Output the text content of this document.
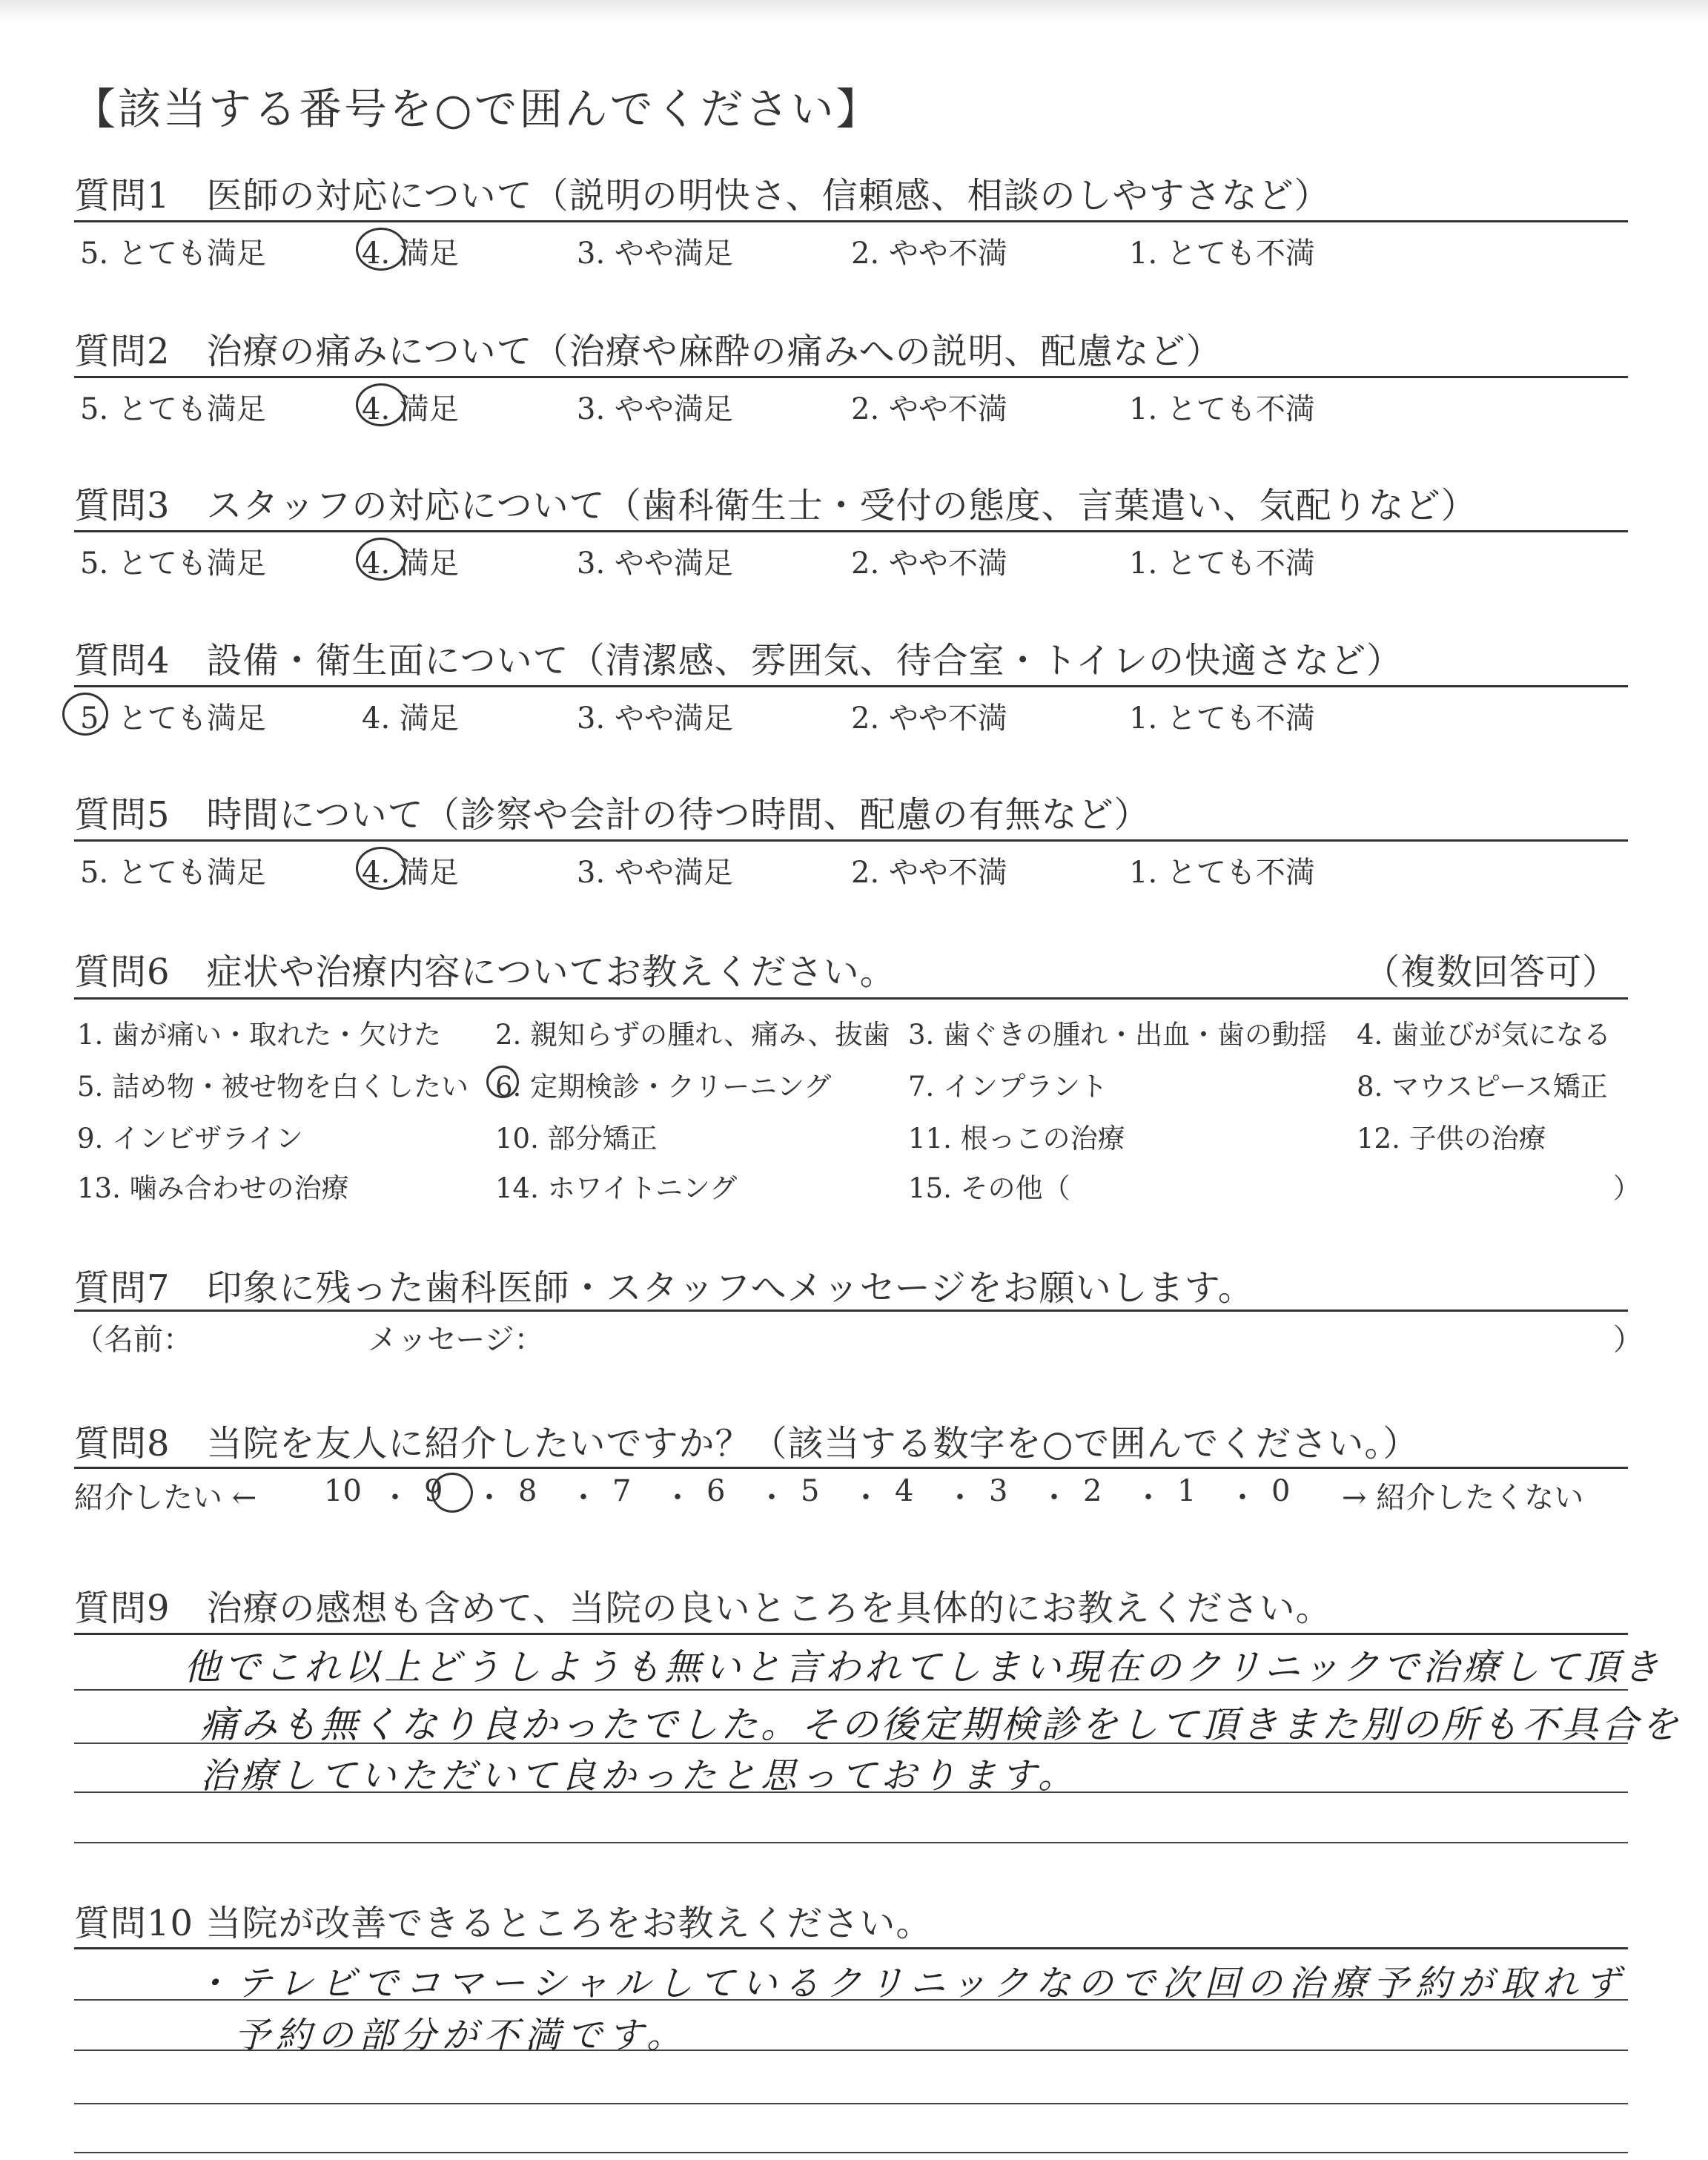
【該当する番号を○で囲んでください】
質問1　医師の対応について（説明の明快さ、信頼感、相談のしやすさなど）
5. とても満足	4. 満足	3. やや満足	2. やや不満	1. とても不満
質問2　治療の痛みについて（治療や麻酔の痛みへの説明、配慮など）
5. とても満足	4. 満足	3. やや満足	2. やや不満	1. とても不満
質問3　スタッフの対応について（歯科衛生士・受付の態度、言葉遣い、気配りなど）
5. とても満足	4. 満足	3. やや満足	2. やや不満	1. とても不満
質問4　設備・衛生面について（清潔感、雰囲気、待合室・トイレの快適さなど）
5. とても満足	4. 満足	3. やや満足	2. やや不満	1. とても不満
質問5　時間について（診察や会計の待つ時間、配慮の有無など）
5. とても満足	4. 満足	3. やや満足	2. やや不満	1. とても不満
質問6　症状や治療内容についてお教えください。	（複数回答可）
1. 歯が痛い・取れた・欠けた 2. 親知らずの腫れ、痛み、抜歯 3. 歯ぐきの腫れ・出血・歯の動揺 4. 歯並びが気になる
5. 詰め物・被せ物を白くしたい 6. 定期検診・クリーニング	7. インプラント	8. マウスピース矯正
9. インビザライン	10. 部分矯正	11. 根っこの治療	12. 子供の治療
13. 噛み合わせの治療	14. ホワイトニング	15. その他（	）
質問7　印象に残った歯科医師・スタッフへメッセージをお願いします。
（名前：	メッセージ：	）
質問8　当院を友人に紹介したいですか？（該当する数字を○で囲んでください。）
紹介したい ← 10 ・ 9 ・ 8 ・ 7 ・ 6 ・ 5 ・ 4 ・ 3 ・ 2 ・ 1 ・ 0 → 紹介したくない
質問9　治療の感想も含めて、当院の良いところを具体的にお教えください。
他でこれ以上どうしようも無いと言われてしまい現在のクリニックで治療して頂き
痛みも無くなり良かったでした。その後定期検診をして頂きまた別の所も不具合を
治療していただいて良かったと思っております。
質問10 当院が改善できるところをお教えください。
・テレビでコマーシャルしているクリニックなので次回の治療予約が取れず
予約の部分が不満です。
